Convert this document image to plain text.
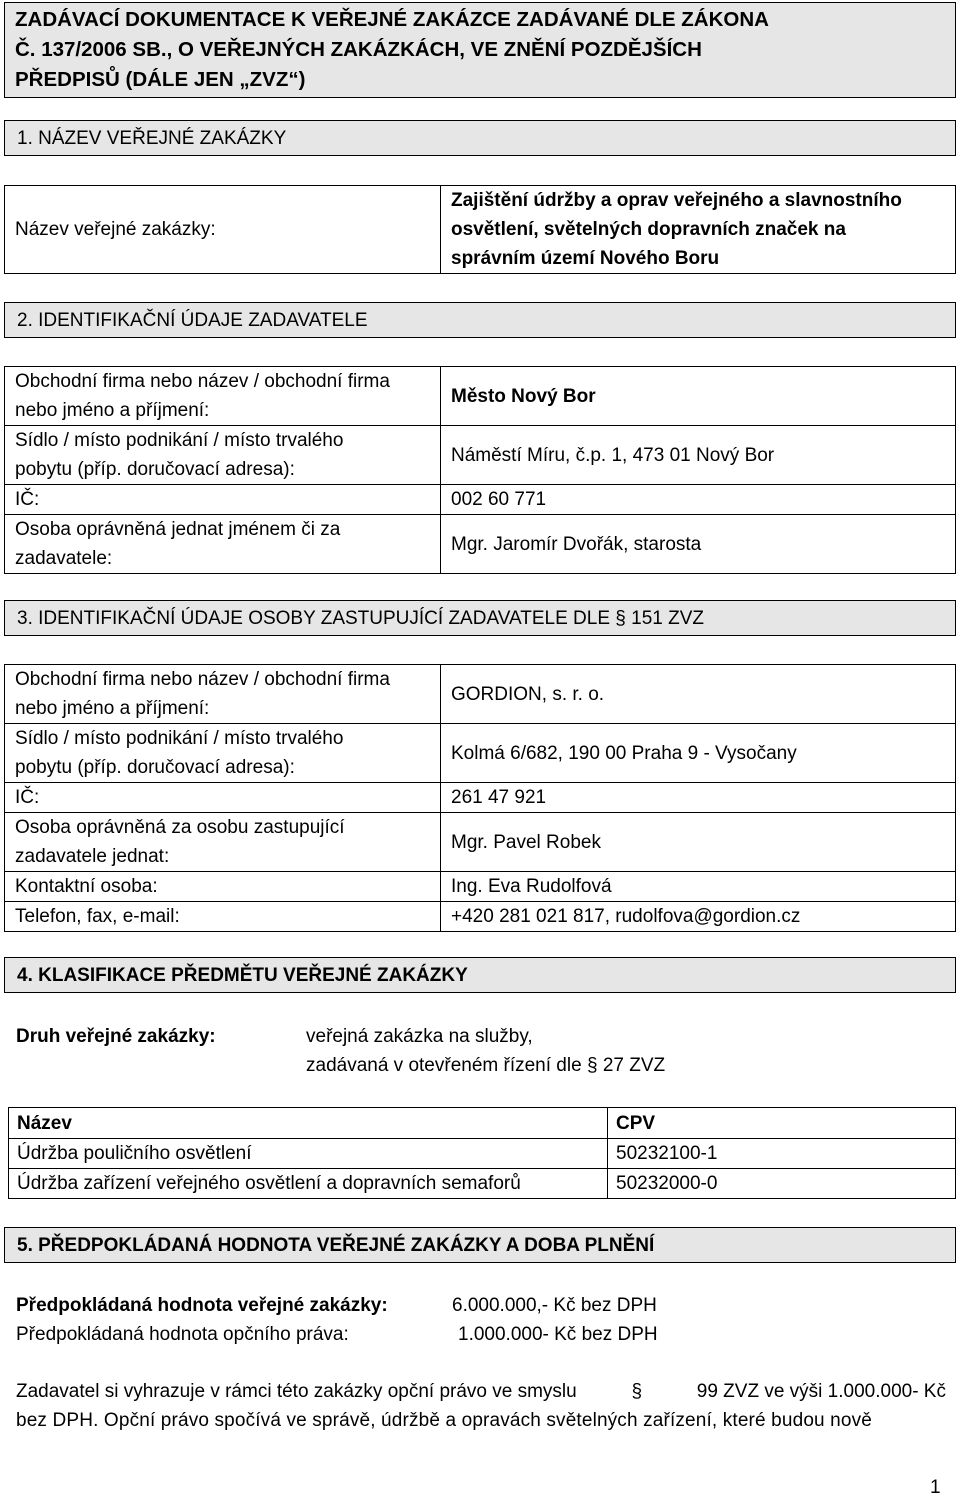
ZADÁVACÍ DOKUMENTACE K VEŘEJNÉ ZAKÁZCE ZADÁVANÉ DLE ZÁKONA
Č. 137/2006 SB., O VEŘEJNÝCH ZAKÁZKÁCH, VE ZNĚNÍ POZDĚJŠÍCH
PŘEDPISŮ (DÁLE JEN „ZVZ“)
1. NÁZEV VEŘEJNÉ ZAKÁZKY
Název veřejné zakázky:	
Zajištění údržby a oprav veřejného a slavnostního
osvětlení, světelných dopravních značek na
správním území Nového Boru
2. IDENTIFIKAČNÍ ÚDAJE ZADAVATELE
Obchodní firma nebo název / obchodní firma
nebo jméno a příjmení:	Město Nový Bor

Sídlo / místo podnikání / místo trvalého
pobytu (příp. doručovací adresa):	Náměstí Míru, č.p. 1, 473 01 Nový Bor
IČ:	002 60 771

Osoba oprávněná jednat jménem či za
zadavatele:	Mgr. Jaromír Dvořák, starosta
3. IDENTIFIKAČNÍ ÚDAJE OSOBY ZASTUPUJÍCÍ ZADAVATELE DLE § 151 ZVZ
Obchodní firma nebo název / obchodní firma
nebo jméno a příjmení:	GORDION, s. r. o.

Sídlo / místo podnikání / místo trvalého
pobytu (příp. doručovací adresa):	Kolmá 6/682, 190 00 Praha 9 - Vysočany
IČ:	261 47 921

Osoba oprávněná za osobu zastupující
zadavatele jednat:	Mgr. Pavel Robek
Kontaktní osoba:	Ing. Eva Rudolfová
Telefon, fax, e-mail:	+420 281 021 817, rudolfova@gordion.cz
4. KLASIFIKACE PŘEDMĚTU VEŘEJNÉ ZAKÁZKY
Druh veřejné zakázky:	veřejná zakázka na služby,
zadávaná v otevřeném řízení dle § 27 ZVZ
Název	CPV
Údržba pouličního osvětlení	50232100-1
Údržba zařízení veřejného osvětlení a dopravních semaforů	50232000-0
5. PŘEDPOKLÁDANÁ HODNOTA VEŘEJNÉ ZAKÁZKY A DOBA PLNĚNÍ
Předpokládaná hodnota veřejné zakázky:	6.000.000,- Kč bez DPH
Předpokládaná hodnota opčního práva:	1.000.000- Kč bez DPH
Zadavatel si vyhrazuje v rámci této zakázky opční právo ve smyslu	§	99 ZVZ ve výši 1.000.000- Kč
bez DPH. Opční právo spočívá ve správě, údržbě a opravách světelných zařízení, které budou nově
1
